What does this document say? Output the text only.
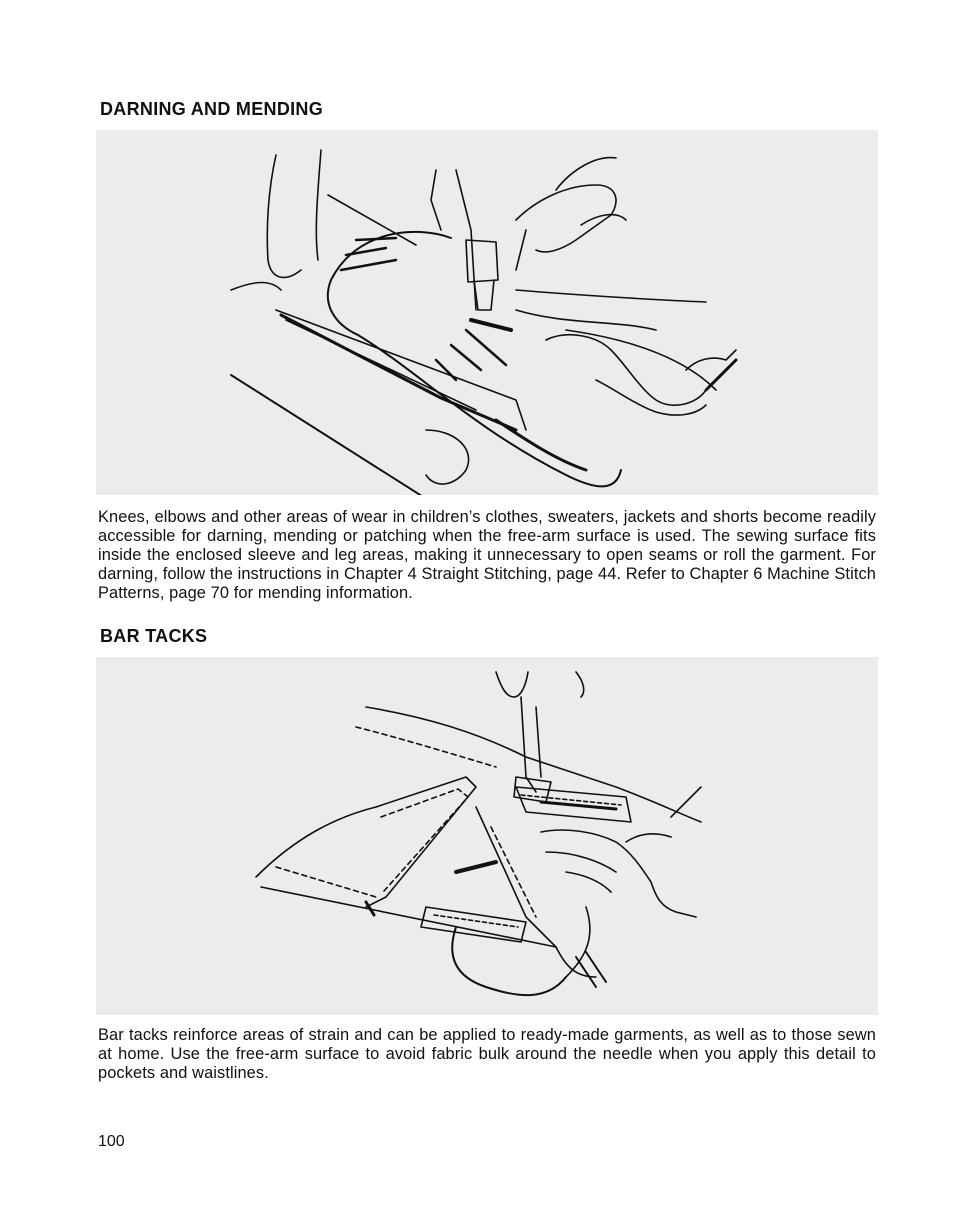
DARNING AND MENDING

Knees, elbows and other areas of wear in children’s clothes, sweaters, jackets and shorts become readily accessible for darning, mending or patching when the free-arm surface is used. The sewing surface fits inside the enclosed sleeve and leg areas, making it unnecessary to open seams or roll the garment. For darning, follow the instructions in Chapter 4 Straight Stitching, page 44. Refer to Chapter 6 Machine Stitch Patterns, page 70 for mending information.

BAR TACKS

Bar tacks reinforce areas of strain and can be applied to ready-made garments, as well as to those sewn at home. Use the free-arm surface to avoid fabric bulk around the needle when you apply this detail to pockets and waistlines.

100
